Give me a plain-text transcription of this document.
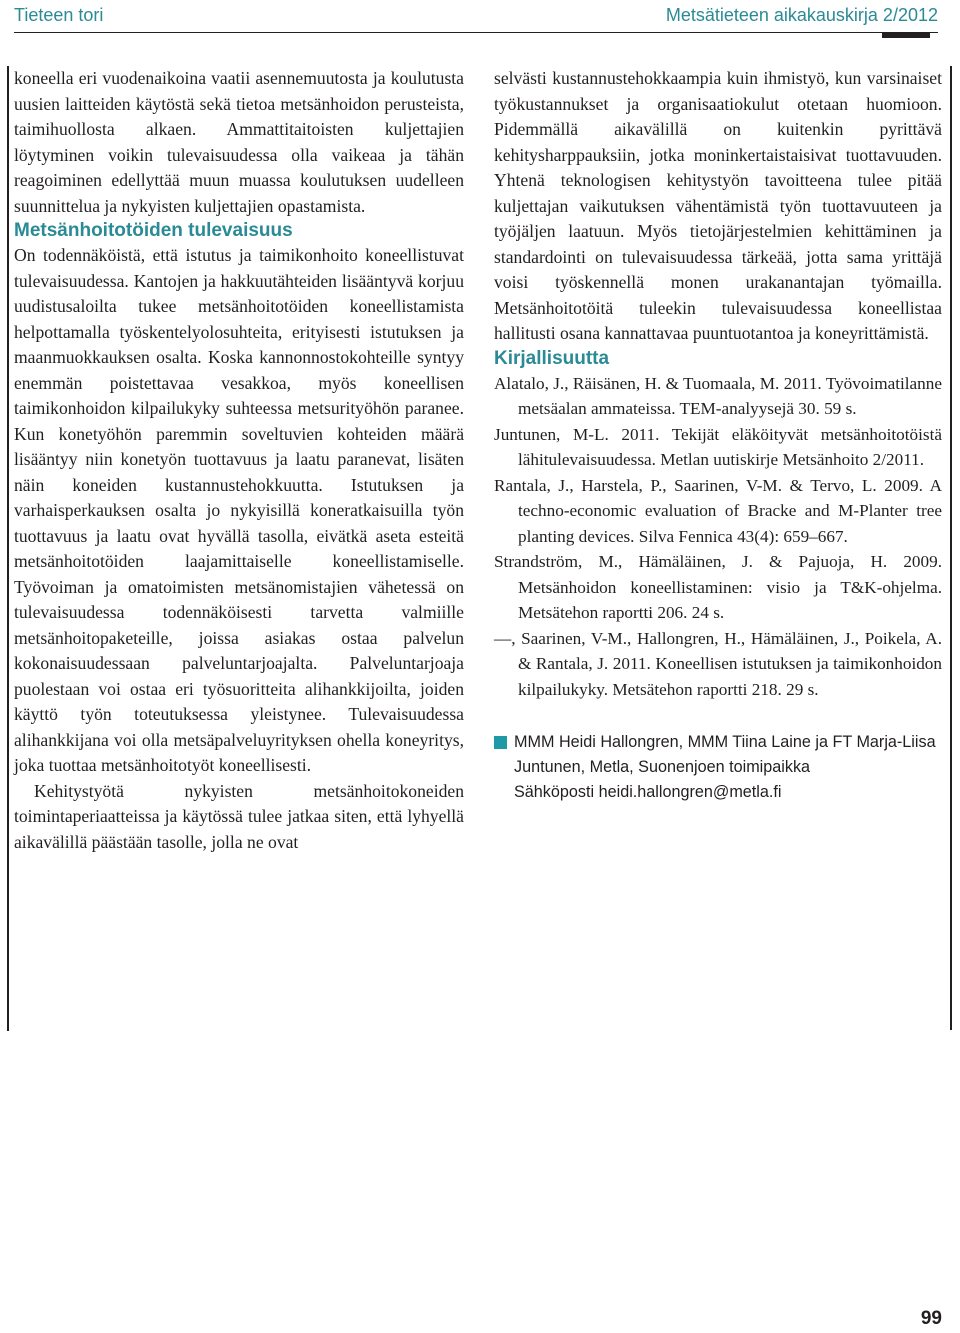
Tieteen tori	Metsätieteen aikakauskirja 2/2012

koneella eri vuodenaikoina vaatii asennemuutosta ja koulutusta uusien laitteiden käytöstä sekä tietoa metsänhoidon perusteista, taimihuollosta alkaen. Ammattitaitoisten kuljettajien löytyminen voikin tulevaisuudessa olla vaikeaa ja tähän reagoiminen edellyttää muun muassa koulutuksen uudelleen suunnittelua ja nykyisten kuljettajien opastamista.

Metsänhoitotöiden tulevaisuus

On todennäköistä, että istutus ja taimikonhoito koneellistuvat tulevaisuudessa. Kantojen ja hakkuutähteiden lisääntyvä korjuu uudistusaloilta tukee metsänhoitotöiden koneellistamista helpottamalla työskentelyolosuhteita, erityisesti istutuksen ja maanmuokkauksen osalta. Koska kannonnostokohteille syntyy enemmän poistettavaa vesakkoa, myös koneellisen taimikonhoidon kilpailukyky suhteessa metsurityöhön paranee. Kun konetyöhön paremmin soveltuvien kohteiden määrä lisääntyy niin konetyön tuottavuus ja laatu paranevat, lisäten näin koneiden kustannustehokkuutta. Istutuksen ja varhaisperkauksen osalta jo nykyisillä koneratkaisuilla työn tuottavuus ja laatu ovat hyvällä tasolla, eivätkä aseta esteitä metsänhoitotöiden laajamittaiselle koneellistamiselle. Työvoiman ja omatoimisten metsänomistajien vähetessä on tulevaisuudessa todennäköisesti tarvetta valmiille metsänhoitopaketeille, joissa asiakas ostaa palvelun kokonaisuudessaan palveluntarjoajalta. Palveluntarjoaja puolestaan voi ostaa eri työsuoritteita alihankkijoilta, joiden käyttö työn toteutuksessa yleistynee. Tulevaisuudessa alihankkijana voi olla metsäpalveluyrityksen ohella koneyritys, joka tuottaa metsänhoitotyöt koneellisesti.

Kehitystyötä nykyisten metsänhoitokoneiden toimintaperiaatteissa ja käytössä tulee jatkaa siten, että lyhyellä aikavälillä päästään tasolle, jolla ne ovat

selvästi kustannustehokkaampia kuin ihmistyö, kun varsinaiset työkustannukset ja organisaatiokulut otetaan huomioon. Pidemmällä aikavälillä on kuitenkin pyrittävä kehitysharppauksiin, jotka moninkertaistaisivat tuottavuuden. Yhtenä teknologisen kehitystyön tavoitteena tulee pitää kuljettajan vaikutuksen vähentämistä työn tuottavuuteen ja työjäljen laatuun. Myös tietojärjestelmien kehittäminen ja standardointi on tulevaisuudessa tärkeää, jotta sama yrittäjä voisi työskennellä monen urakanantajan työmailla. Metsänhoitotöitä tuleekin tulevaisuudessa koneellistaa hallitusti osana kannattavaa puuntuotantoa ja koneyrittämistä.

Kirjallisuutta
Alatalo, J., Räisänen, H. & Tuomaala, M. 2011. Työvoimatilanne metsäalan ammateissa. TEM-analyysejä 30. 59 s.
Juntunen, M-L. 2011. Tekijät eläköityvät metsänhoitotöistä lähitulevaisuudessa. Metlan uutiskirje Metsänhoito 2/2011.
Rantala, J., Harstela, P., Saarinen, V-M. & Tervo, L. 2009. A techno-economic evaluation of Bracke and M-Planter tree planting devices. Silva Fennica 43(4): 659–667.
Strandström, M., Hämäläinen, J. & Pajuoja, H. 2009. Metsänhoidon koneellistaminen: visio ja T&K-ohjelma. Metsätehon raportti 206. 24 s.
—, Saarinen, V-M., Hallongren, H., Hämäläinen, J., Poikela, A. & Rantala, J. 2011. Koneellisen istutuksen ja taimikonhoidon kilpailukyky. Metsätehon raportti 218. 29 s.
MMM Heidi Hallongren, MMM Tiina Laine ja FT Marja-Liisa Juntunen, Metla, Suonenjoen toimipaikka
Sähköposti heidi.hallongren@metla.fi
99
